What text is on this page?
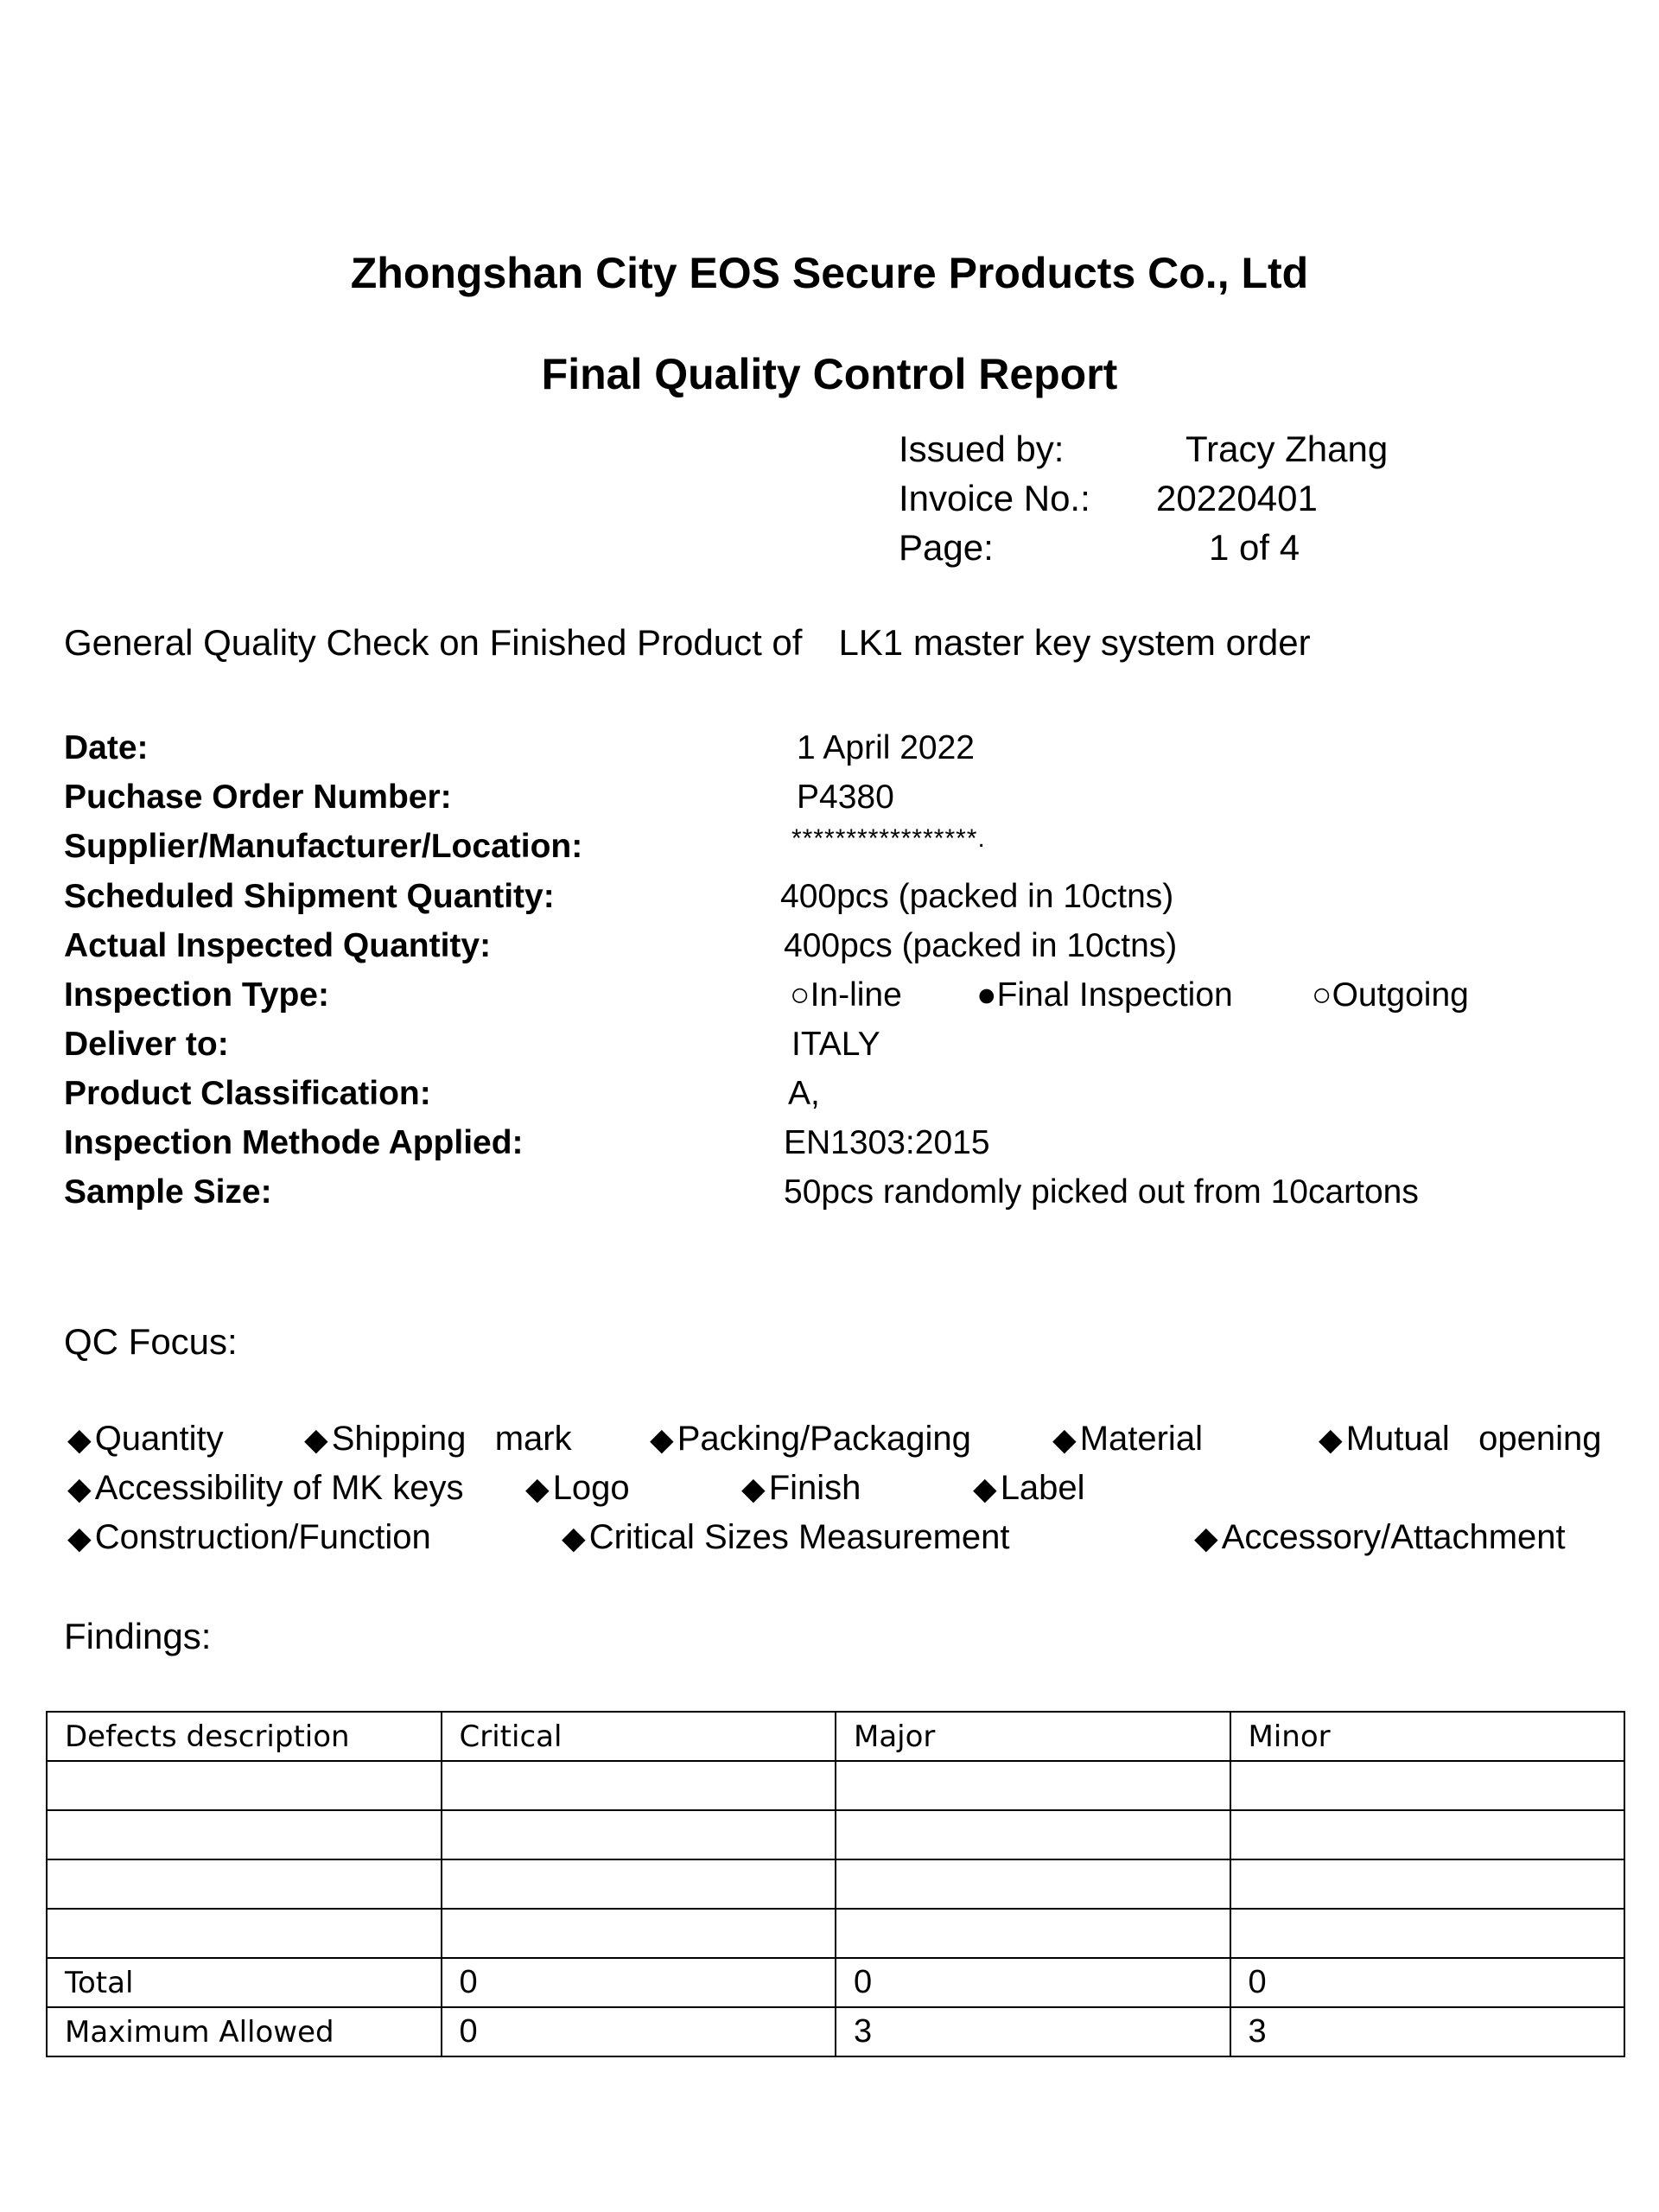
Zhongshan City EOS Secure Products Co., Ltd
Final Quality Control Report
Issued by:	Tracy Zhang
Invoice No.: 20220401
Page:	1 of 4
General Quality Check on Finished Product of LK1 master key system order
Date:	1 April 2022
Puchase Order Number:	P4380
Supplier/Manufacturer/Location:	*****************.
Scheduled Shipment Quantity:	400pcs (packed in 10ctns)
Actual Inspected Quantity:	400pcs (packed in 10ctns)
Inspection Type:	○In-line ●Final Inspection ○Outgoing
Deliver to:	ITALY
Product Classification:	A,
Inspection Methode Applied:	EN1303:2015
Sample Size:	50pcs randomly picked out from 10cartons
QC Focus:
◆ Quantity	◆ Shipping   mark	◆ Packing/Packaging	◆ Material	◆ Mutual   opening
◆ Accessibility of MK keys ◆ Logo	◆ Finish	◆ Label
◆ Construction/Function	◆ Critical Sizes Measurement	◆ Accessory/Attachment
Findings:
Defects description	Critical	Major	Minor

Total	0	0	0
Maximum Allowed	0	3	3
